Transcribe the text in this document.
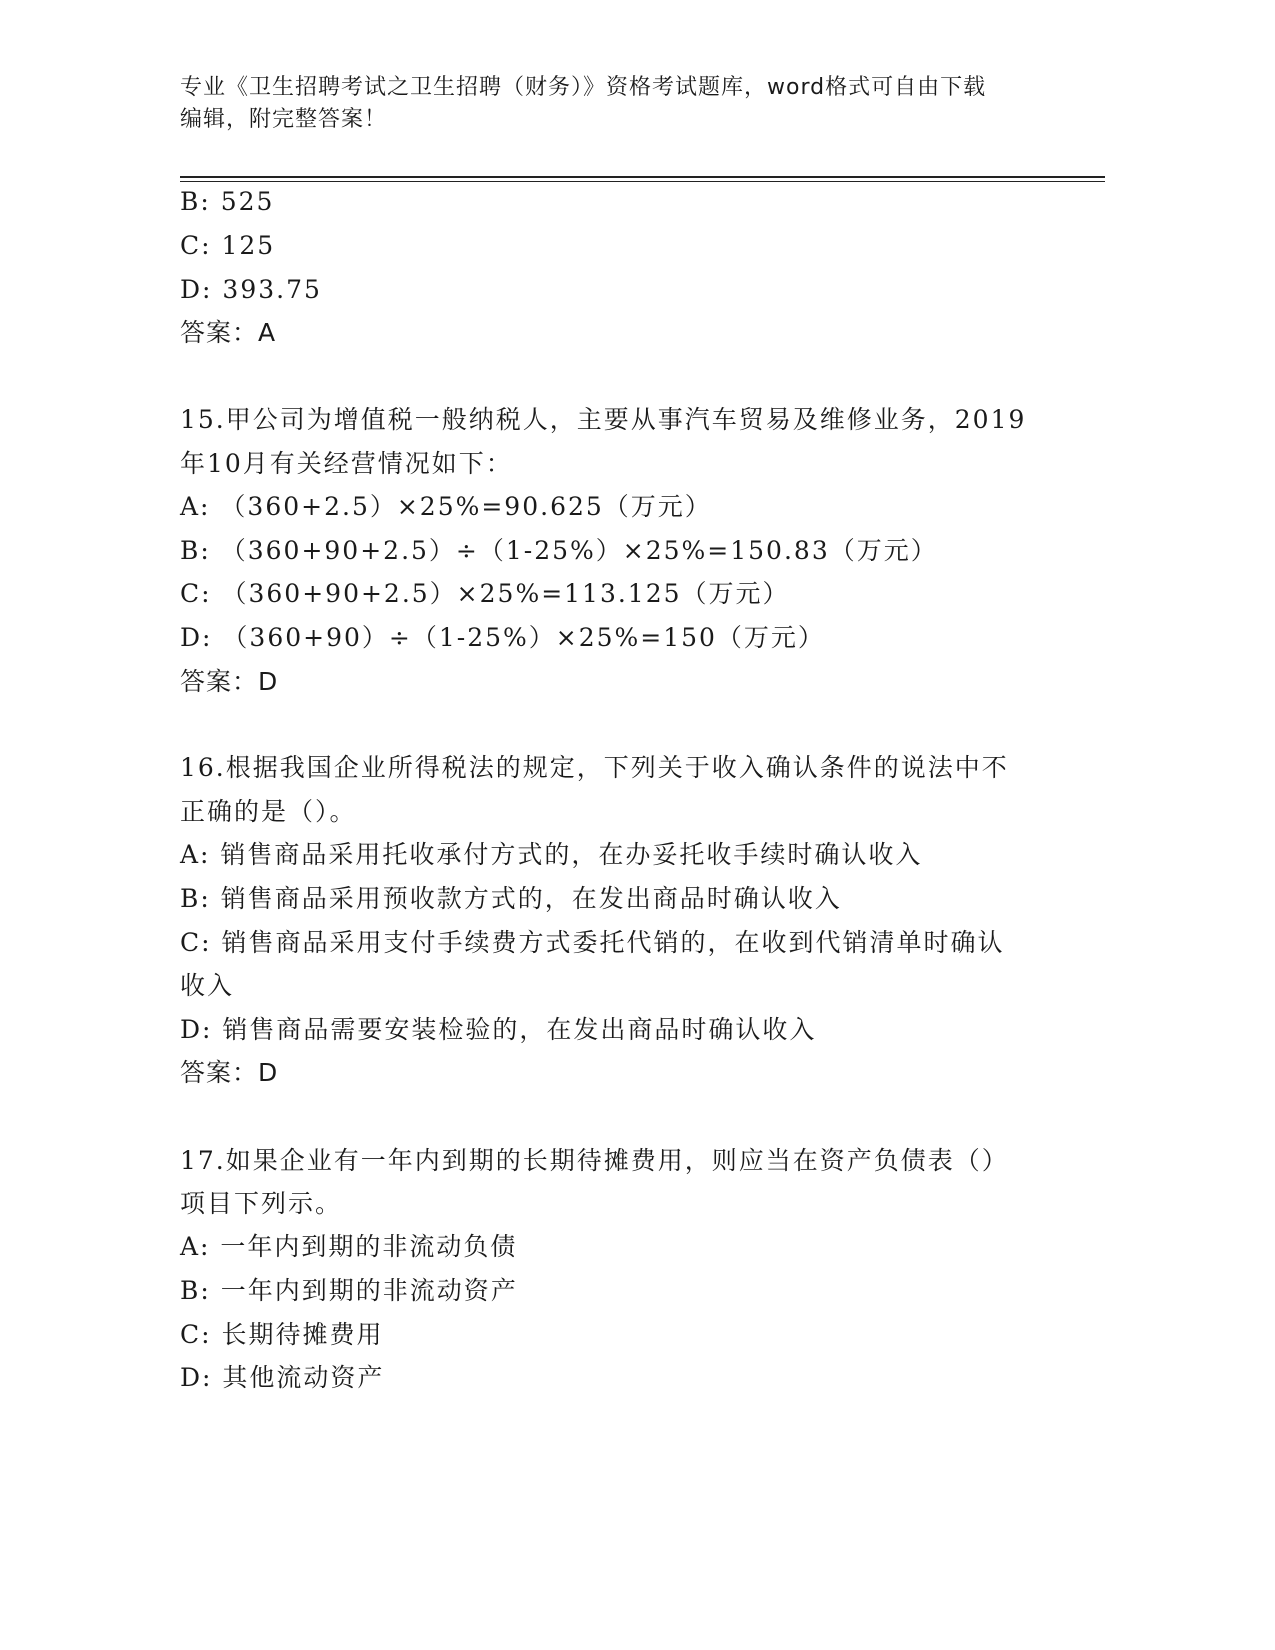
专业《卫生招聘考试之卫生招聘（财务）》资格考试题库，word格式可自由下载
编辑，附完整答案！
B: 525
C: 125
D: 393.75
答案：A
15.甲公司为增值税一般纳税人，主要从事汽车贸易及维修业务，2019
年10月有关经营情况如下：
A: （360+2.5）×25%=90.625（万元）
B: （360+90+2.5）÷（1-25%）×25%=150.83（万元）
C: （360+90+2.5）×25%=113.125（万元）
D: （360+90）÷（1-25%）×25%=150（万元）
答案：D
16.根据我国企业所得税法的规定，下列关于收入确认条件的说法中不
正确的是（）。
A: 销售商品采用托收承付方式的，在办妥托收手续时确认收入
B: 销售商品采用预收款方式的，在发出商品时确认收入
C: 销售商品采用支付手续费方式委托代销的，在收到代销清单时确认
收入
D: 销售商品需要安装检验的，在发出商品时确认收入
答案：D
17.如果企业有一年内到期的长期待摊费用，则应当在资产负债表（）
项目下列示。
A: 一年内到期的非流动负债
B: 一年内到期的非流动资产
C: 长期待摊费用
D: 其他流动资产
